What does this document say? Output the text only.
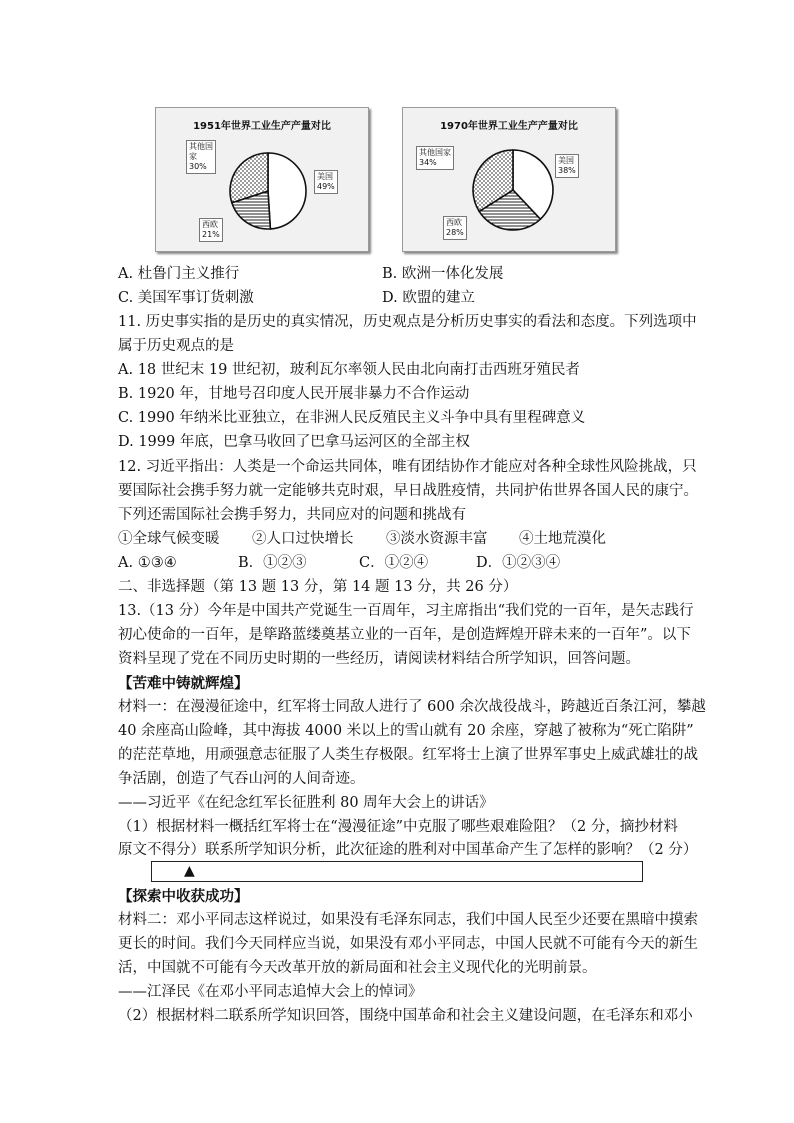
1951年世界工业生产产量对比
美国
49%
西欧
21%
其他国
家
30%
1970年世界工业生产产量对比
美国
38%
西欧
28%
其他国家
34%
A. 杜鲁门主义推行	B. 欧洲一体化发展
C. 美国军事订货刺激	D. 欧盟的建立
11. 历史事实指的是历史的真实情况，历史观点是分析历史事实的看法和态度。下列选项中
属于历史观点的是
A. 18 世纪末 19 世纪初，玻利瓦尔率领人民由北向南打击西班牙殖民者
B. 1920 年，甘地号召印度人民开展非暴力不合作运动
C. 1990 年纳米比亚独立，在非洲人民反殖民主义斗争中具有里程碑意义
D. 1999 年底，巴拿马收回了巴拿马运河区的全部主权
12. 习近平指出：人类是一个命运共同体，唯有团结协作才能应对各种全球性风险挑战，只
要国际社会携手努力就一定能够共克时艰，早日战胜疫情，共同护佑世界各国人民的康宁。
下列还需国际社会携手努力，共同应对的问题和挑战有
①全球气候变暖 ②人口过快增长 ③淡水资源丰富 ④土地荒漠化
A. ①③④	B．①②③	C．①②④	D．①②③④
二、非选择题（第 13 题 13 分，第 14 题 13 分，共 26 分）
13.（13 分）今年是中国共产党诞生一百周年，习主席指出“我们党的一百年，是矢志践行
初心使命的一百年，是筚路蓝缕奠基立业的一百年，是创造辉煌开辟未来的一百年”。以下
资料呈现了党在不同历史时期的一些经历，请阅读材料结合所学知识，回答问题。
【苦难中铸就辉煌】
材料一：在漫漫征途中，红军将士同敌人进行了 600 余次战役战斗，跨越近百条江河，攀越
40 余座高山险峰，其中海拔 4000 米以上的雪山就有 20 余座，穿越了被称为“死亡陷阱”
的茫茫草地，用顽强意志征服了人类生存极限。红军将士上演了世界军事史上威武雄壮的战
争活剧，创造了气吞山河的人间奇迹。
——习近平《在纪念红军长征胜利 80 周年大会上的讲话》
（1）根据材料一概括红军将士在“漫漫征途”中克服了哪些艰难险阻？（2 分，摘抄材料
原文不得分）联系所学知识分析，此次征途的胜利对中国革命产生了怎样的影响？（2 分）
▲
【探索中收获成功】
材料二：邓小平同志这样说过，如果没有毛泽东同志，我们中国人民至少还要在黑暗中摸索
更长的时间。我们今天同样应当说，如果没有邓小平同志，中国人民就不可能有今天的新生
活，中国就不可能有今天改革开放的新局面和社会主义现代化的光明前景。
——江泽民《在邓小平同志追悼大会上的悼词》
（2）根据材料二联系所学知识回答，围绕中国革命和社会主义建设问题，在毛泽东和邓小
